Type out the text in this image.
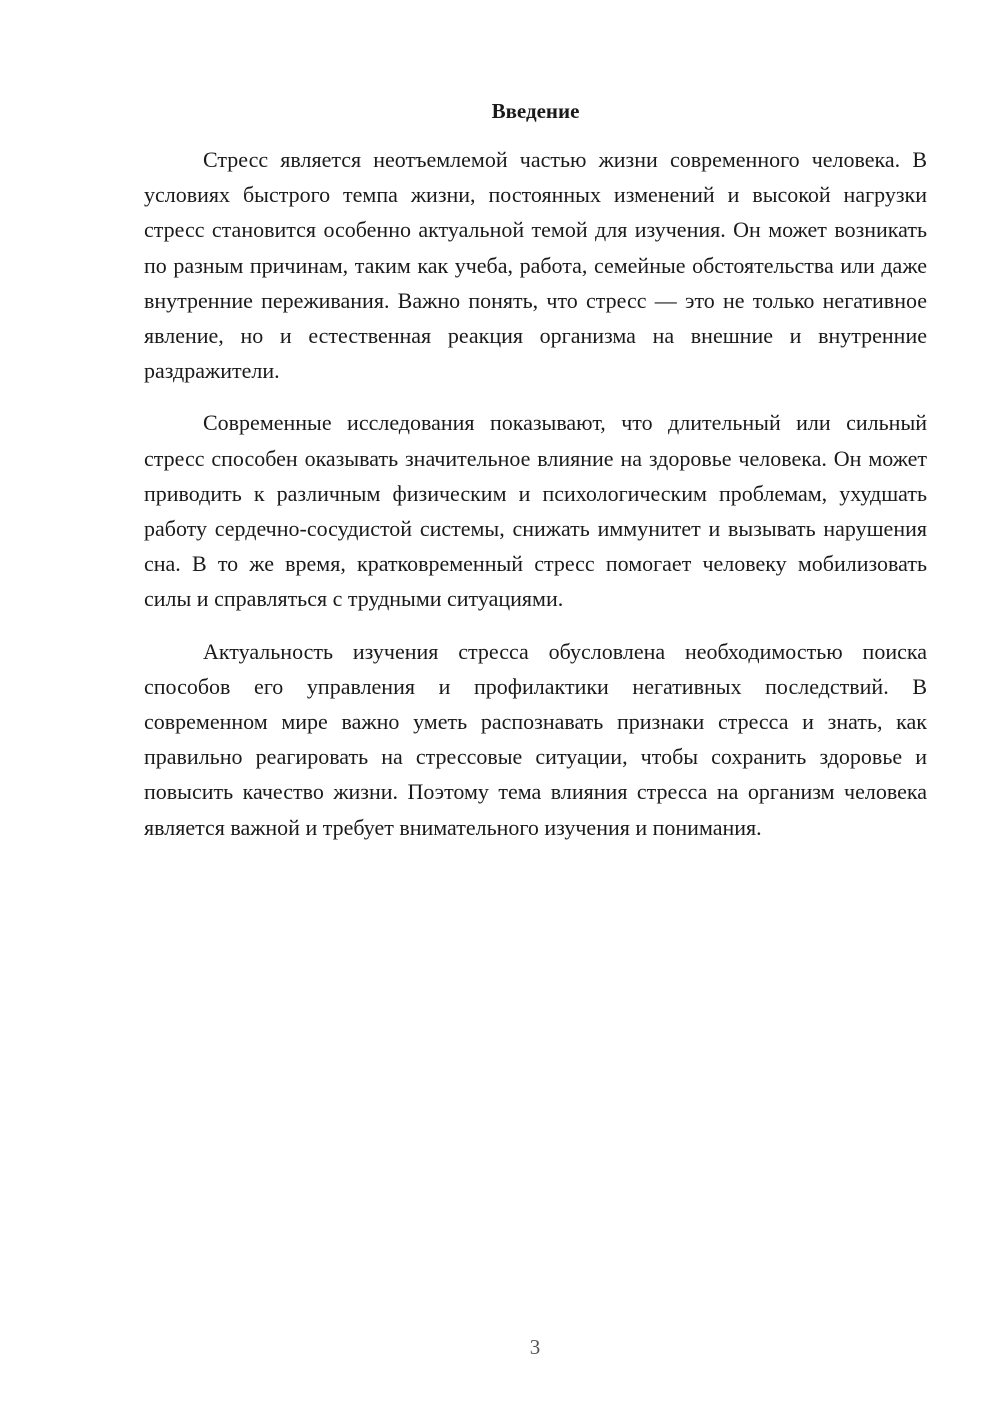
Введение

Стресс является неотъемлемой частью жизни современного человека. В условиях быстрого темпа жизни, постоянных изменений и высокой нагрузки стресс становится особенно актуальной темой для изучения. Он может возникать по разным причинам, таким как учеба, работа, семейные обстоятельства или даже внутренние переживания. Важно понять, что стресс — это не только негативное явление, но и естественная реакция организма на внешние и внутренние раздражители.

Современные исследования показывают, что длительный или сильный стресс способен оказывать значительное влияние на здоровье человека. Он может приводить к различным физическим и психологическим проблемам, ухудшать работу сердечно-сосудистой системы, снижать иммунитет и вызывать нарушения сна. В то же время, кратковременный стресс помогает человеку мобилизовать силы и справляться с трудными ситуациями.

Актуальность изучения стресса обусловлена необходимостью поиска способов его управления и профилактики негативных последствий. В современном мире важно уметь распознавать признаки стресса и знать, как правильно реагировать на стрессовые ситуации, чтобы сохранить здоровье и повысить качество жизни. Поэтому тема влияния стресса на организм человека является важной и требует внимательного изучения и понимания.

3
